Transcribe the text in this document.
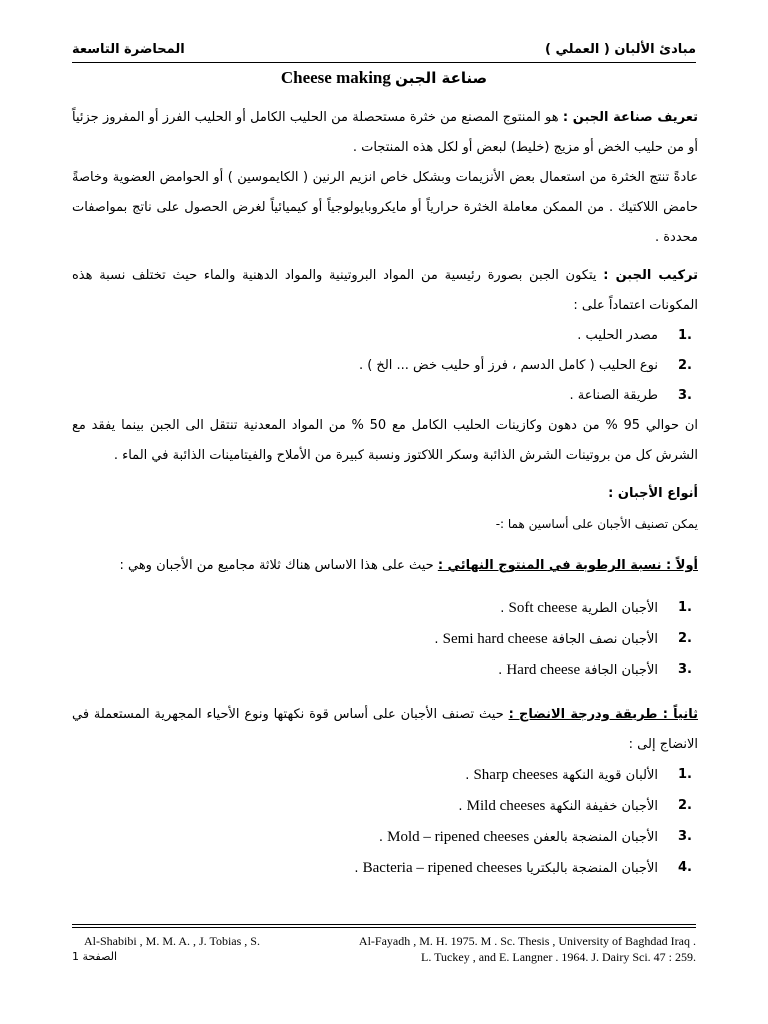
مبادئ الألبان ( العملي )
المحاضرة التاسعة
Cheese making صناعة الجبن

تعريف صناعة الجبن : هو المنتوج المصنع من خثرة مستحصلة من الحليب الكامل أو الحليب الفرز أو المفروز جزئياً أو من حليب الخض أو مزيج (خليط) لبعض أو لكل هذه المنتجات .

عادةً تنتج الخثرة من استعمال بعض الأنزيمات وبشكل خاص انزيم الرنين ( الكايموسين ) أو الحوامض العضوية وخاصةً حامض اللاكتيك . من الممكن معاملة الخثرة حرارياً أو مايكروبايولوجياً أو كيميائياً لغرض الحصول على ناتج بمواصفات محددة .

تركيب الجبن : يتكون الجبن بصورة رئيسية من المواد البروتينية والمواد الدهنية والماء حيث تختلف نسبة هذه المكونات اعتماداً على :

1.
مصدر الحليب .
2.
نوع الحليب ( كامل الدسم ، فرز أو حليب خض ... الخ ) .
3.
طريقة الصناعة .

ان حوالي 95 % من دهون وكازينات الحليب الكامل مع 50 % من المواد المعدنية تنتقل الى الجبن بينما يفقد مع الشرش كل من بروتينات الشرش الذائبة وسكر اللاكتوز ونسبة كبيرة من الأملاح والفيتامينات الذائبة في الماء .

أنواع الأجبان :

يمكن تصنيف الأجبان على أساسين هما :-

أولاً : نسبة الرطوبة في المنتوج النهائي : حيث على هذا الاساس هناك ثلاثة مجاميع من الأجبان وهي :

1.
الأجبان الطرية Soft cheese .
2.
الأجبان نصف الجافة Semi hard cheese .
3.
الأجبان الجافة Hard cheese .

ثانياً : طريقة ودرجة الانضاج : حيث تصنف الأجبان على أساس قوة نكهتها ونوع الأحياء المجهرية المستعملة في الانضاج إلى :

1.
الألبان قوية النكهة Sharp cheeses .
2.
الأجبان خفيفة النكهة Mild cheeses .
3.
الأجبان المنضجة بالعفن Mold – ripened cheeses .
4.
الأجبان المنضجة بالبكتريا Bacteria – ripened cheeses .
Al-Shabibi , M. M. A. , J. Tobias , S.	Al-Fayadh , M. H. 1975. M . Sc. Thesis , University of Baghdad Iraq .
L. Tuckey , and E. Langner . 1964. J. Dairy Sci. 47 : 259.
الصفحة 1
